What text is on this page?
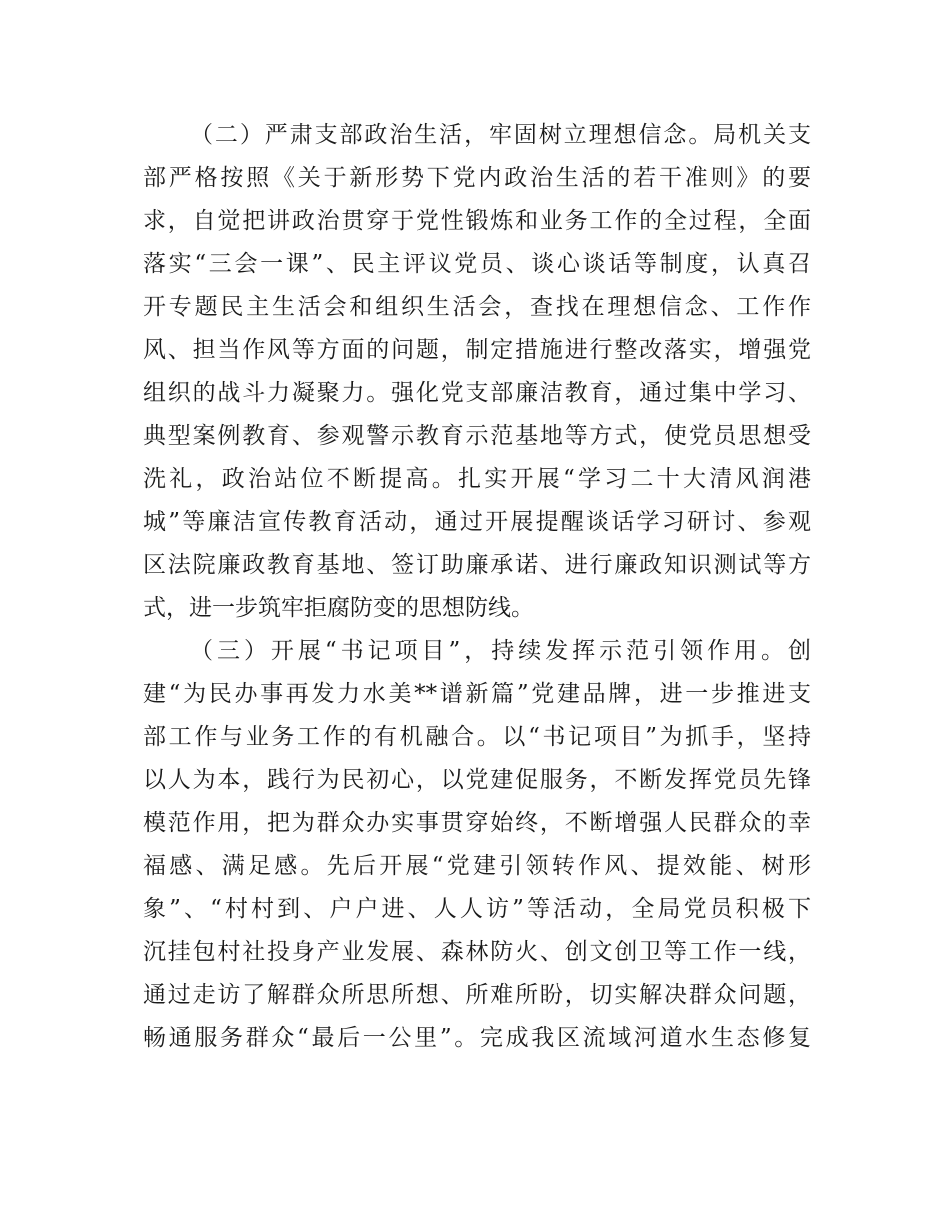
（二）严肃支部政治生活，牢固树立理想信念。局机关支
部严格按照《关于新形势下党内政治生活的若干准则》的要
求，自觉把讲政治贯穿于党性锻炼和业务工作的全过程，全面
落实“三会一课”、民主评议党员、谈心谈话等制度，认真召
开专题民主生活会和组织生活会，查找在理想信念、工作作
风、担当作风等方面的问题，制定措施进行整改落实，增强党
组织的战斗力凝聚力。强化党支部廉洁教育，通过集中学习、
典型案例教育、参观警示教育示范基地等方式，使党员思想受
洗礼，政治站位不断提高。扎实开展“学习二十大清风润港
城”等廉洁宣传教育活动，通过开展提醒谈话学习研讨、参观
区法院廉政教育基地、签订助廉承诺、进行廉政知识测试等方
式，进一步筑牢拒腐防变的思想防线。
（三）开展“书记项目”，持续发挥示范引领作用。创
建“为民办事再发力水美**谱新篇”党建品牌，进一步推进支
部工作与业务工作的有机融合。以“书记项目”为抓手，坚持
以人为本，践行为民初心，以党建促服务，不断发挥党员先锋
模范作用，把为群众办实事贯穿始终，不断增强人民群众的幸
福感、满足感。先后开展“党建引领转作风、提效能、树形
象”、“村村到、户户进、人人访”等活动，全局党员积极下
沉挂包村社投身产业发展、森林防火、创文创卫等工作一线，
通过走访了解群众所思所想、所难所盼，切实解决群众问题，
畅通服务群众“最后一公里”。完成我区流域河道水生态修复
